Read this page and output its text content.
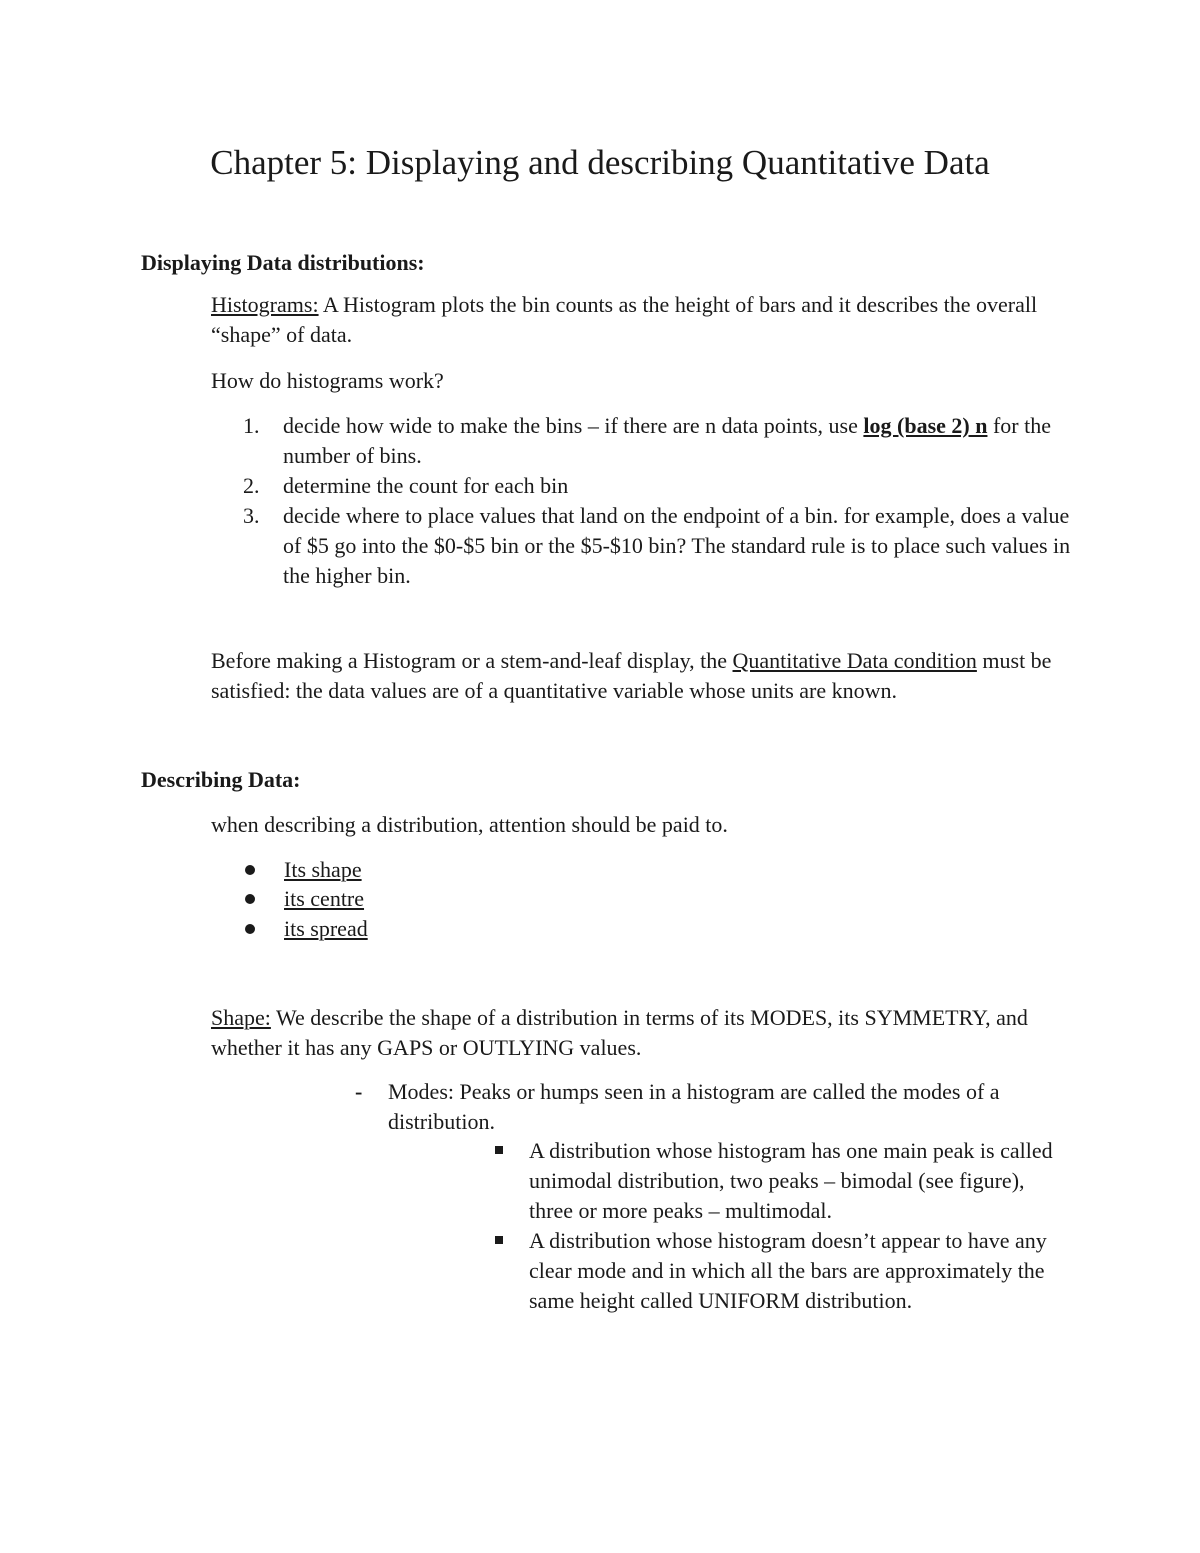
Chapter 5: Displaying and describing Quantitative Data
Displaying Data distributions:
Histograms: A Histogram plots the bin counts as the height of bars and it describes the overall “shape” of data.
How do histograms work?
1.	decide how wide to make the bins – if there are n data points, use log (base 2) n for the number of bins.
2.	determine the count for each bin
3.	decide where to place values that land on the endpoint of a bin. for example, does a value of $5 go into the $0-$5 bin or the $5-$10 bin? The standard rule is to place such values in the higher bin.
Before making a Histogram or a stem-and-leaf display, the Quantitative Data condition must be satisfied: the data values are of a quantitative variable whose units are known.
Describing Data:
when describing a distribution, attention should be paid to.
Its shape
its centre
its spread
Shape: We describe the shape of a distribution in terms of its MODES, its SYMMETRY, and whether it has any GAPS or OUTLYING values.
-	Modes: Peaks or humps seen in a histogram are called the modes of a distribution.
A distribution whose histogram has one main peak is called unimodal distribution, two peaks – bimodal (see figure), three or more peaks – multimodal.
A distribution whose histogram doesn’t appear to have any clear mode and in which all the bars are approximately the same height called UNIFORM distribution.
